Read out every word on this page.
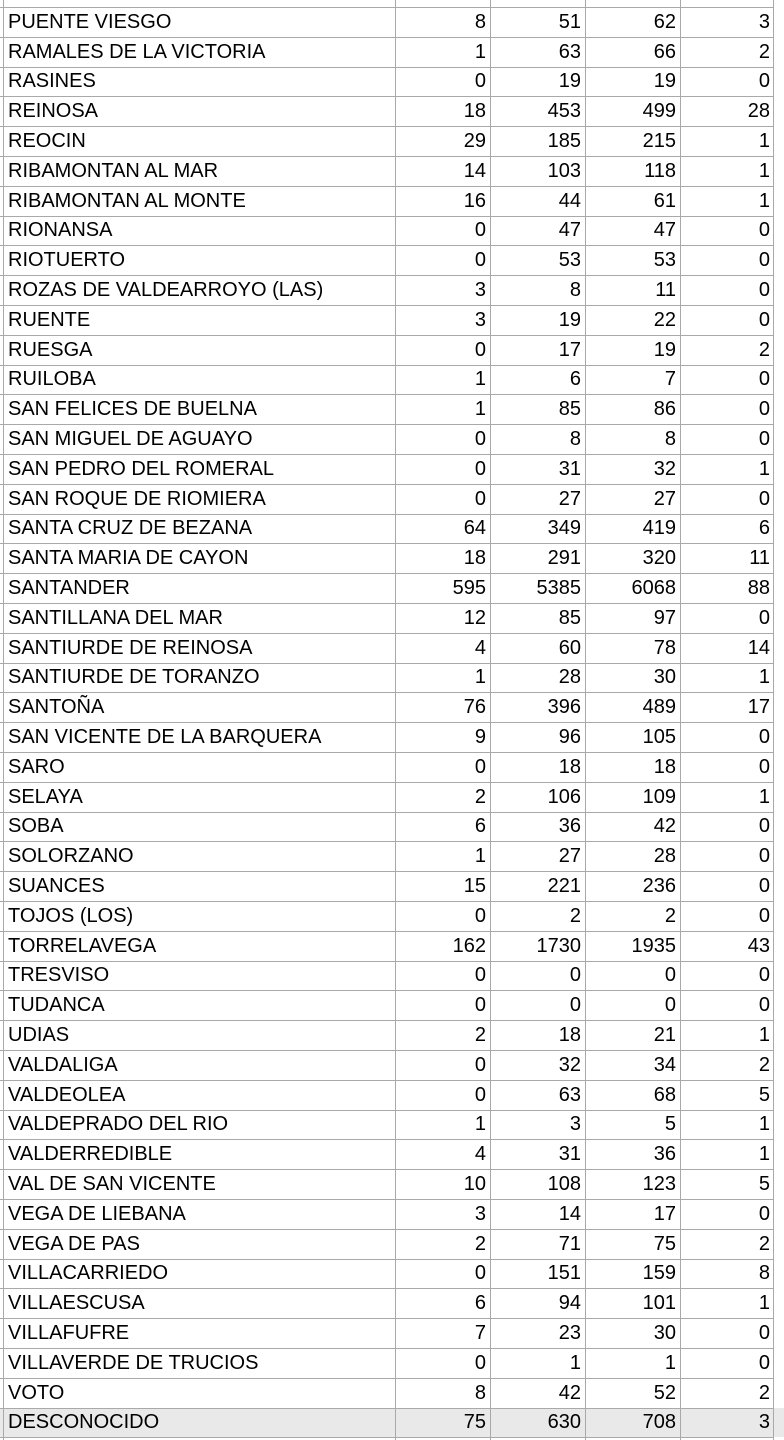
PUENTE VIESGO	8	51	62	3
RAMALES DE LA VICTORIA	1	63	66	2
RASINES	0	19	19	0
REINOSA	18	453	499	28
REOCIN	29	185	215	1
RIBAMONTAN AL MAR	14	103	118	1
RIBAMONTAN AL MONTE	16	44	61	1
RIONANSA	0	47	47	0
RIOTUERTO	0	53	53	0
ROZAS DE VALDEARROYO (LAS)	3	8	11	0
RUENTE	3	19	22	0
RUESGA	0	17	19	2
RUILOBA	1	6	7	0
SAN FELICES DE BUELNA	1	85	86	0
SAN MIGUEL DE AGUAYO	0	8	8	0
SAN PEDRO DEL ROMERAL	0	31	32	1
SAN ROQUE DE RIOMIERA	0	27	27	0
SANTA CRUZ DE BEZANA	64	349	419	6
SANTA MARIA DE CAYON	18	291	320	11
SANTANDER	595	5385	6068	88
SANTILLANA DEL MAR	12	85	97	0
SANTIURDE DE REINOSA	4	60	78	14
SANTIURDE DE TORANZO	1	28	30	1
SANTOÑA	76	396	489	17
SAN VICENTE DE LA BARQUERA	9	96	105	0
SARO	0	18	18	0
SELAYA	2	106	109	1
SOBA	6	36	42	0
SOLORZANO	1	27	28	0
SUANCES	15	221	236	0
TOJOS (LOS)	0	2	2	0
TORRELAVEGA	162	1730	1935	43
TRESVISO	0	0	0	0
TUDANCA	0	0	0	0
UDIAS	2	18	21	1
VALDALIGA	0	32	34	2
VALDEOLEA	0	63	68	5
VALDEPRADO DEL RIO	1	3	5	1
VALDERREDIBLE	4	31	36	1
VAL DE SAN VICENTE	10	108	123	5
VEGA DE LIEBANA	3	14	17	0
VEGA DE PAS	2	71	75	2
VILLACARRIEDO	0	151	159	8
VILLAESCUSA	6	94	101	1
VILLAFUFRE	7	23	30	0
VILLAVERDE DE TRUCIOS	0	1	1	0
VOTO	8	42	52	2
DESCONOCIDO	75	630	708	3
